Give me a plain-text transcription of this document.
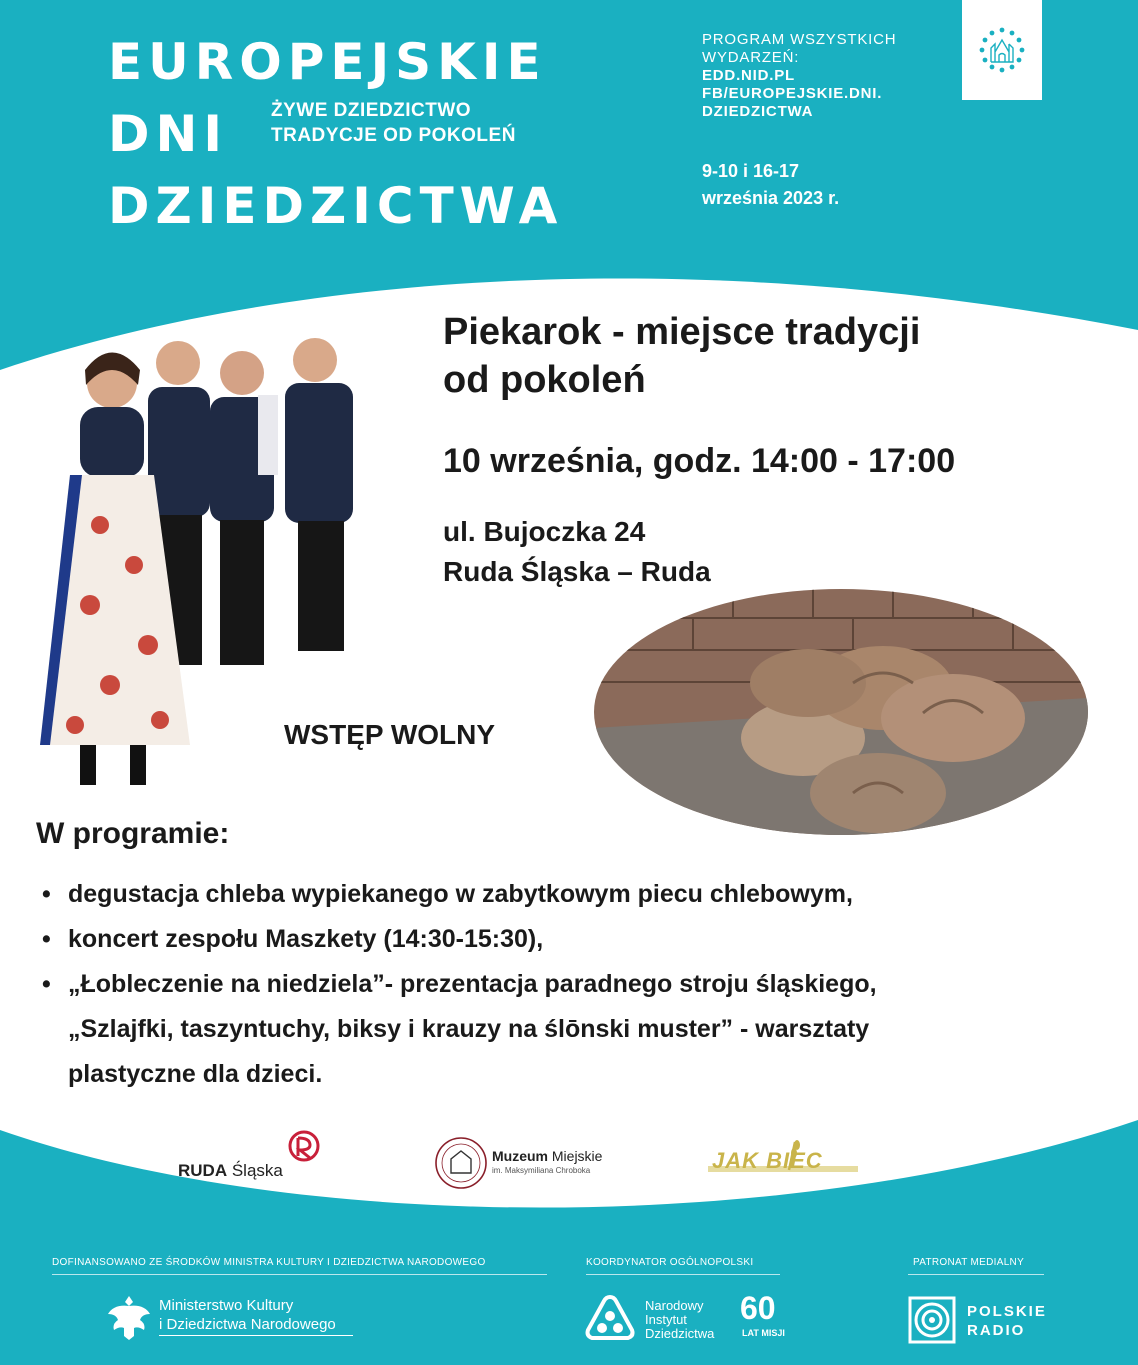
EUROPEJSKIE
DNI
DZIEDZICTWA
ŻYWE DZIEDZICTWO
TRADYCJE OD POKOLEŃ
PROGRAM WSZYSTKICH
WYDARZEŃ:
EDD.NID.PL
FB/EUROPEJSKIE.DNI.
DZIEDZICTWA
9-10 i 16-17
września 2023 r.
Piekarok - miejsce tradycji
od pokoleń
10 września, godz. 14:00 - 17:00
ul. Bujoczka 24
Ruda Śląska – Ruda
WSTĘP WOLNY
W programie:
• degustacja chleba wypiekanego w zabytkowym piecu chlebowym,
• koncert zespołu Maszkety (14:30-15:30),
• „Łobleczenie na niedziela”- prezentacja paradnego stroju śląskiego,
„Szlajfki, taszyntuchy, biksy i krauzy na ślōnski muster” - warsztaty
plastyczne dla dzieci.
RUDA Śląska
Muzeum Miejskie
im. Maksymiliana Chroboka	JAK BIEC
DOFINANSOWANO ZE ŚRODKÓW MINISTRA KULTURY I DZIEDZICTWA NARODOWEGO	KOORDYNATOR OGÓLNOPOLSKI	PATRONAT MEDIALNY
Ministerstwo Kultury
i Dziedzictwa Narodowego
Narodowy
Instytut
Dziedzictwa
60
LAT MISJI
POLSKIE
RADIO
